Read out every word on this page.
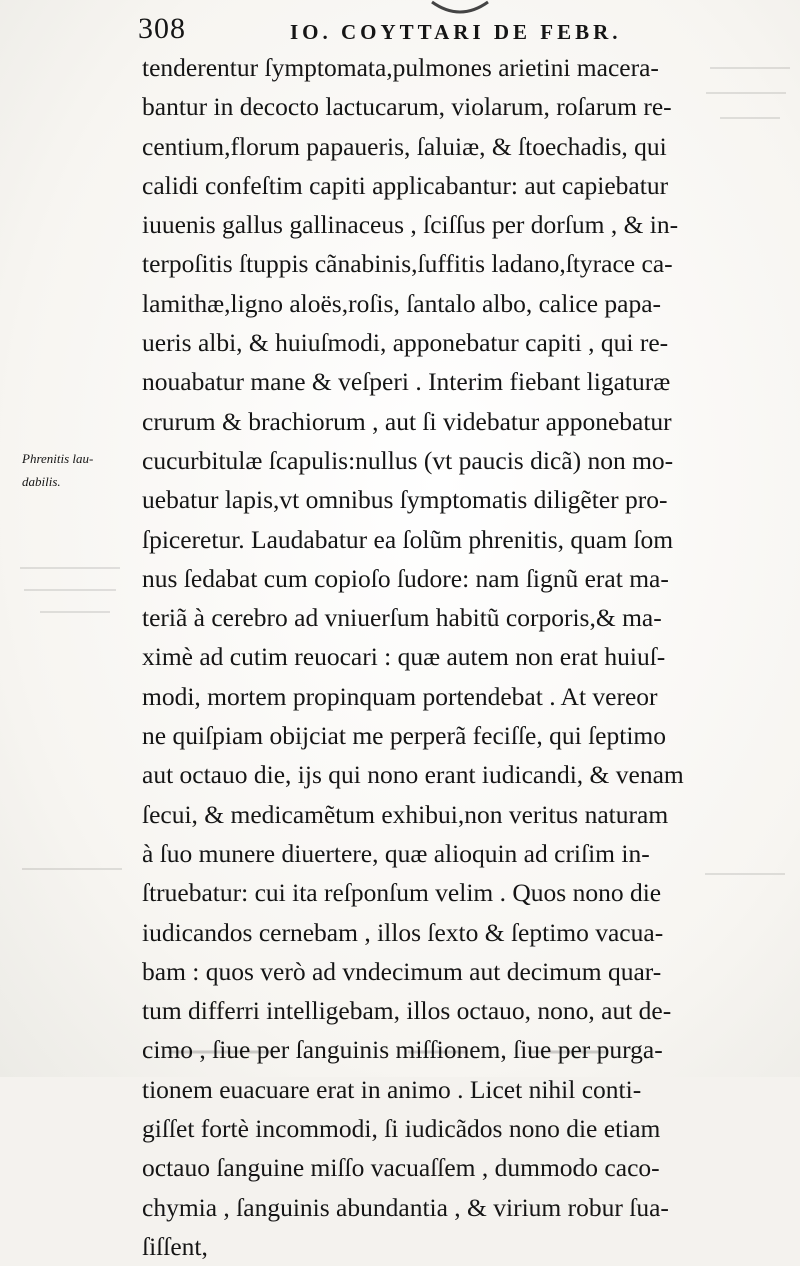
308	IO. COYTTARI DE FEBR.
Phrenitis lau-
dabilis.
tenderentur ſymptomata,pulmones arietini macera-
bantur in decocto lactucarum, violarum, roſarum re-
centium,florum papaueris, ſaluiæ, & ſtoechadis, qui
calidi confeſtim capiti applicabantur: aut capiebatur
iuuenis gallus gallinaceus , ſciſſus per dorſum , & in-
terpoſitis ſtuppis cãnabinis,ſuffitis ladano,ſtyrace ca-
lamithæ,ligno aloës,roſis, ſantalo albo, calice papa-
ueris albi, & huiuſmodi, apponebatur capiti , qui re-
nouabatur mane & veſperi . Interim fiebant ligaturæ
crurum & brachiorum , aut ſi videbatur apponebatur
cucurbitulæ ſcapulis:nullus (vt paucis dicã) non mo-
uebatur lapis,vt omnibus ſymptomatis diligẽter pro-
ſpiceretur. Laudabatur ea ſolũm phrenitis, quam ſom
nus ſedabat cum copioſo ſudore: nam ſignũ erat ma-
teriã à cerebro ad vniuerſum habitũ corporis,& ma-
ximè ad cutim reuocari : quæ autem non erat huiuſ-
modi, mortem propinquam portendebat . At vereor
ne quiſpiam obijciat me perperã feciſſe, qui ſeptimo
aut octauo die, ijs qui nono erant iudicandi, & venam
ſecui, & medicamẽtum exhibui,non veritus naturam
à ſuo munere diuertere, quæ alioquin ad criſim in-
ſtruebatur: cui ita reſponſum velim . Quos nono die
iudicandos cernebam , illos ſexto & ſeptimo vacua-
bam : quos verò ad vndecimum aut decimum quar-
tum differri intelligebam, illos octauo, nono, aut de-
cimo , ſiue per ſanguinis miſſionem, ſiue per purga-
tionem euacuare erat in animo . Licet nihil conti-
giſſet fortè incommodi, ſi iudicãdos nono die etiam
octauo ſanguine miſſo vacuaſſem , dummodo caco-
chymia , ſanguinis abundantia , & virium robur ſua-
ſiſſent,
